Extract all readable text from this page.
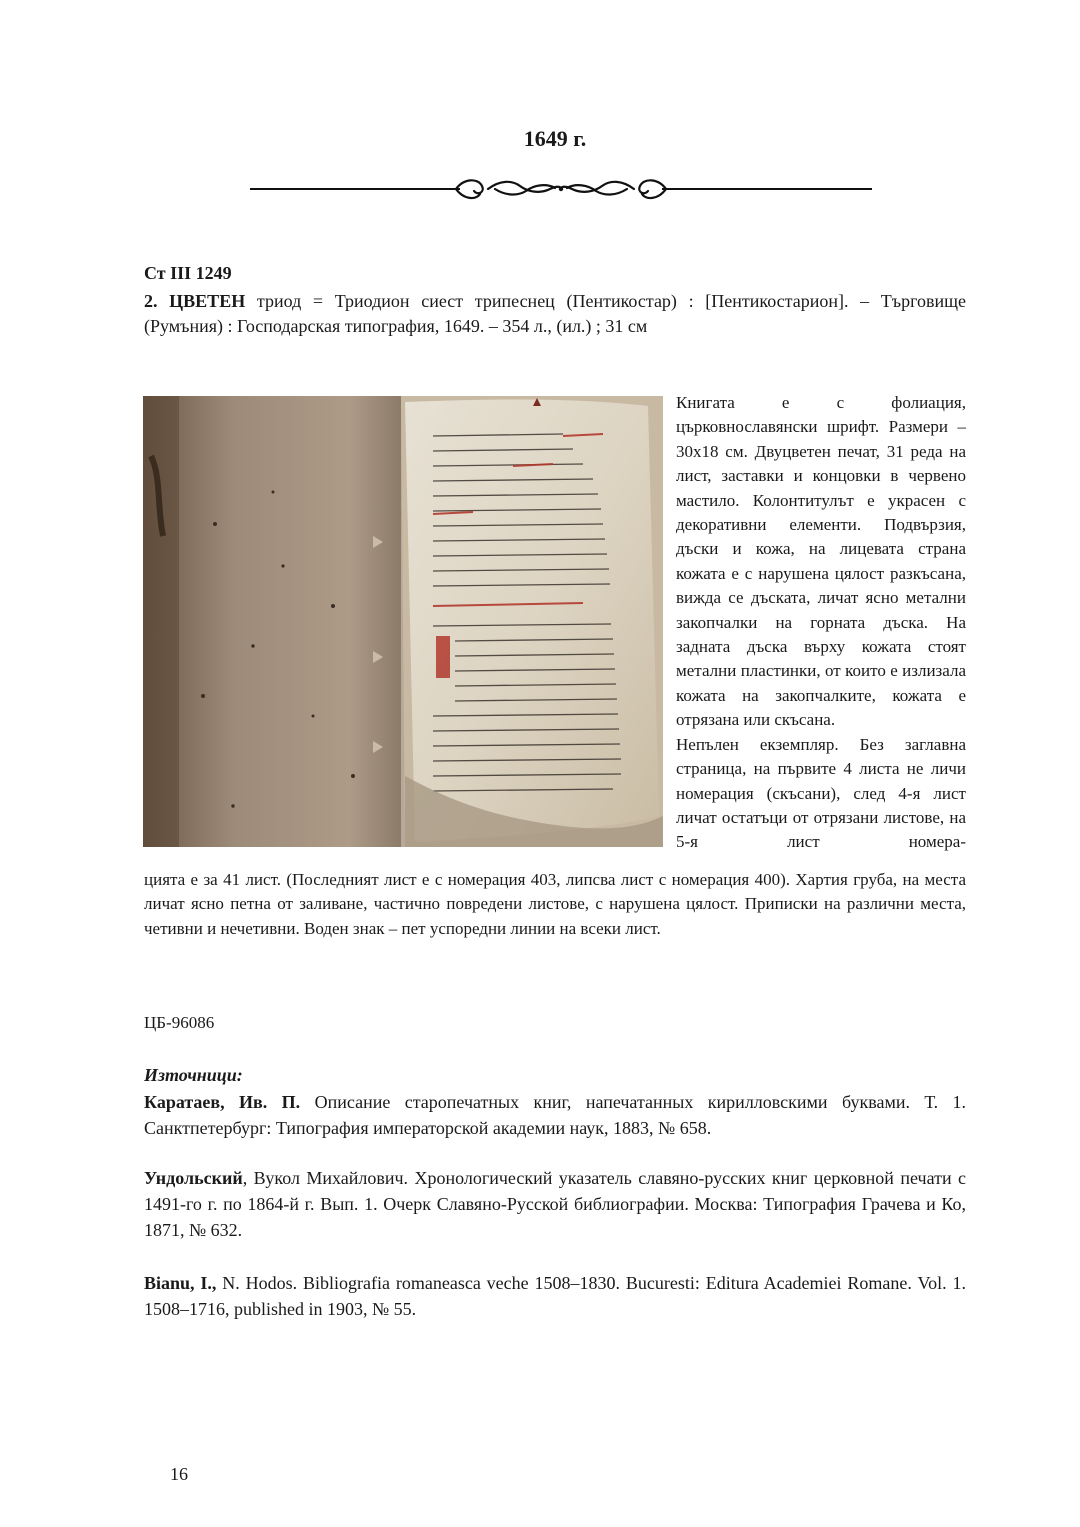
1649 г.
Ст III 1249

2. ЦВЕТЕН триод = Триодион сиест трипеснец (Пентикостар) : [Пентикостарион]. – Търговище (Румъния) : Господарская типография, 1649. – 354 л., (ил.) ; 31 см

Книгата е с фолиация, църковнославянски шрифт. Размери – 30х18 см. Двуцветен печат, 31 реда на лист, заставки и концовки в червено мастило. Колонтитулът е украсен с декоративни елементи. Подвързия, дъски и кожа, на лицевата страна кожата е с нарушена цялост разкъсана, вижда се дъската, личат ясно метални закопчалки на горната дъска. На задната дъска върху кожата стоят метални пластинки, от които е излизала кожата на закопчалките, кожата е отрязана или скъсана.

Непълен екземпляр. Без заглавна страница, на първите 4 листа не личи номерация (скъсани), след 4-я лист личат остатъци от отрязани листове, на 5-я лист номера-

цията е за 41 лист. (Последният лист е с номерация 403, липсва лист с номерация 400). Хартия груба, на места личат ясно петна от заливане, частично повредени листове, с нарушена цялост. Приписки на различни места, четивни и нечетивни. Воден знак – пет успоредни линии на всеки лист.

ЦБ-96086
Източници:

Каратаев, Ив. П. Описание старопечатных книг, напечатанных кирилловскими буквами. Т. 1. Санктпетербург: Типография императорской академии наук, 1883, № 658.

Ундольский, Вукол Михайлович. Хронологический указатель славяно-русских книг церковной печати с 1491-го г. по 1864-й г. Вып. 1. Очерк Славяно-Русской библиографии. Москва: Типография Грачева и Ко, 1871, № 632.

Bianu, I., N. Hodos. Bibliografia romaneasca veche 1508–1830. Bucuresti: Editura Academiei Romane. Vol. 1. 1508–1716, published in 1903, № 55.

16
